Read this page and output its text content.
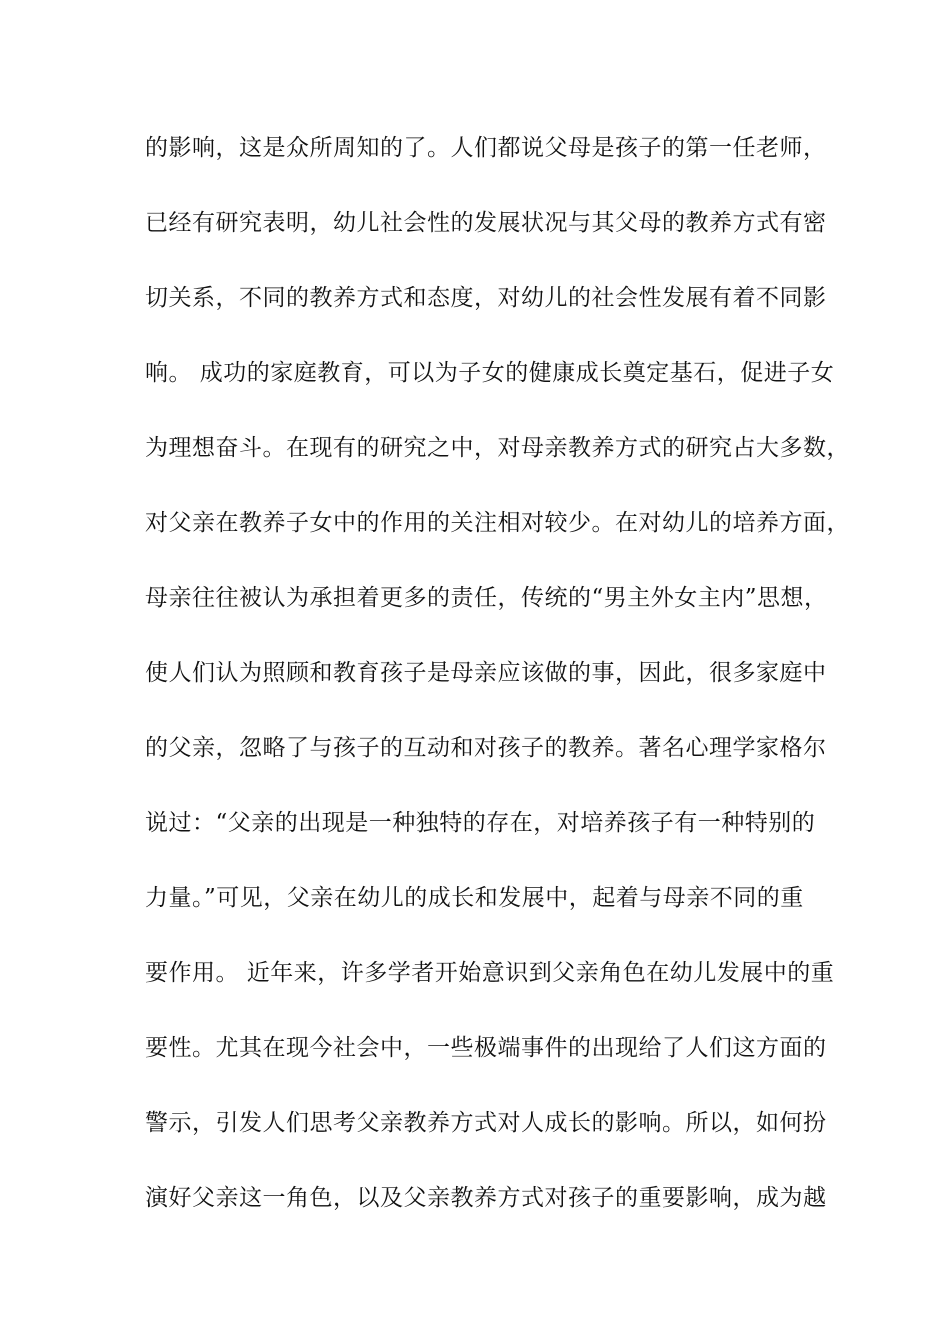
的影响，这是众所周知的了。人们都说父母是孩子的第一任老师，
已经有研究表明，幼儿社会性的发展状况与其父母的教养方式有密
切关系，不同的教养方式和态度，对幼儿的社会性发展有着不同影
响。 成功的家庭教育，可以为子女的健康成长奠定基石，促进子女
为理想奋斗。在现有的研究之中，对母亲教养方式的研究占大多数，
对父亲在教养子女中的作用的关注相对较少。在对幼儿的培养方面，
母亲往往被认为承担着更多的责任，传统的“男主外女主内”思想，
使人们认为照顾和教育孩子是母亲应该做的事，因此，很多家庭中
的父亲，忽略了与孩子的互动和对孩子的教养。著名心理学家格尔
说过：“父亲的出现是一种独特的存在，对培养孩子有一种特别的
力量。”可见，父亲在幼儿的成长和发展中，起着与母亲不同的重
要作用。 近年来，许多学者开始意识到父亲角色在幼儿发展中的重
要性。尤其在现今社会中，一些极端事件的出现给了人们这方面的
警示，引发人们思考父亲教养方式对人成长的影响。所以，如何扮
演好父亲这一角色，以及父亲教养方式对孩子的重要影响，成为越
